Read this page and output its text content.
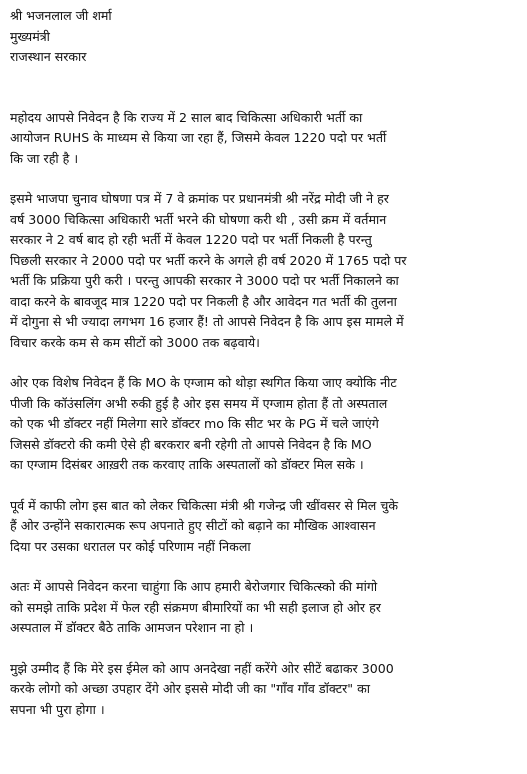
श्री भजनलाल जी शर्मा
मुख्यमंत्री
राजस्थान सरकार
महोदय आपसे निवेदन है कि राज्य में 2 साल बाद चिकित्सा अधिकारी भर्ती का
आयोजन RUHS के माध्यम से किया जा रहा हैं, जिसमे केवल 1220 पदो पर भर्ती
कि जा रही है ।
इसमे भाजपा चुनाव घोषणा पत्र में 7 वे क्रमांक पर प्रधानमंत्री श्री नरेंद्र मोदी जी ने हर
वर्ष 3000 चिकित्सा अधिकारी भर्ती भरने की घोषणा करी थी , उसी क्रम में वर्तमान
सरकार ने 2 वर्ष बाद हो रही भर्ती में केवल 1220 पदो पर भर्ती निकली है परन्तु
पिछली सरकार ने 2000 पदो पर भर्ती करने के अगले ही वर्ष 2020 में 1765 पदो पर
भर्ती कि प्रक्रिया पुरी करी । परन्तु आपकी सरकार ने 3000 पदो पर भर्ती निकालने का
वादा करने के बावजूद मात्र 1220 पदो पर निकली है और आवेदन गत भर्ती की तुलना
में दोगुना से भी ज्यादा लगभग 16 हजार हैं! तो आपसे निवेदन है कि आप इस मामले में
विचार करके कम से कम सीटों को 3000 तक बढ़वाये।
ओर एक विशेष निवेदन हैं कि MO के एग्जाम को थोड़ा स्थगित किया जाए क्योकि नीट
पीजी कि कॉउंसलिंग अभी रुकी हुई है ओर इस समय में एग्जाम होता हैं तो अस्पताल
को एक भी डॉक्टर नहीं मिलेगा सारे डॉक्टर mo कि सीट भर के PG में चले जाएंगे
जिससे डॉक्टरो की कमी ऐसे ही बरकरार बनी रहेगी तो आपसे निवेदन है कि MO
का एग्जाम दिसंबर आख़री तक करवाए ताकि अस्पतालों को डॉक्टर मिल सके ।
पूर्व में काफी लोग इस बात को लेकर चिकित्सा मंत्री श्री गजेन्द्र जी खींवसर से मिल चुके
हैं ओर उन्होंने सकारात्मक रूप अपनाते हुए सीटों को बढ़ाने का मौखिक आश्वासन
दिया पर उसका धरातल पर कोई परिणाम नहीं निकला
अतः में आपसे निवेदन करना चाहुंगा कि आप हमारी बेरोजगार चिकित्स्को की मांगो
को समझे ताकि प्रदेश में फेल रही संक्रमण बीमारियों का भी सही इलाज हो ओर हर
अस्पताल में डॉक्टर बैठे ताकि आमजन परेशान ना हो ।
मुझे उम्मीद हैं कि मेरे इस ईमेल को आप अनदेखा नहीं करेंगे ओर सीटें बढाकर 3000
करके लोगो को अच्छा उपहार देंगे ओर इससे मोदी जी का "गाँव गाँव डॉक्टर" का
सपना भी पुरा होगा ।
